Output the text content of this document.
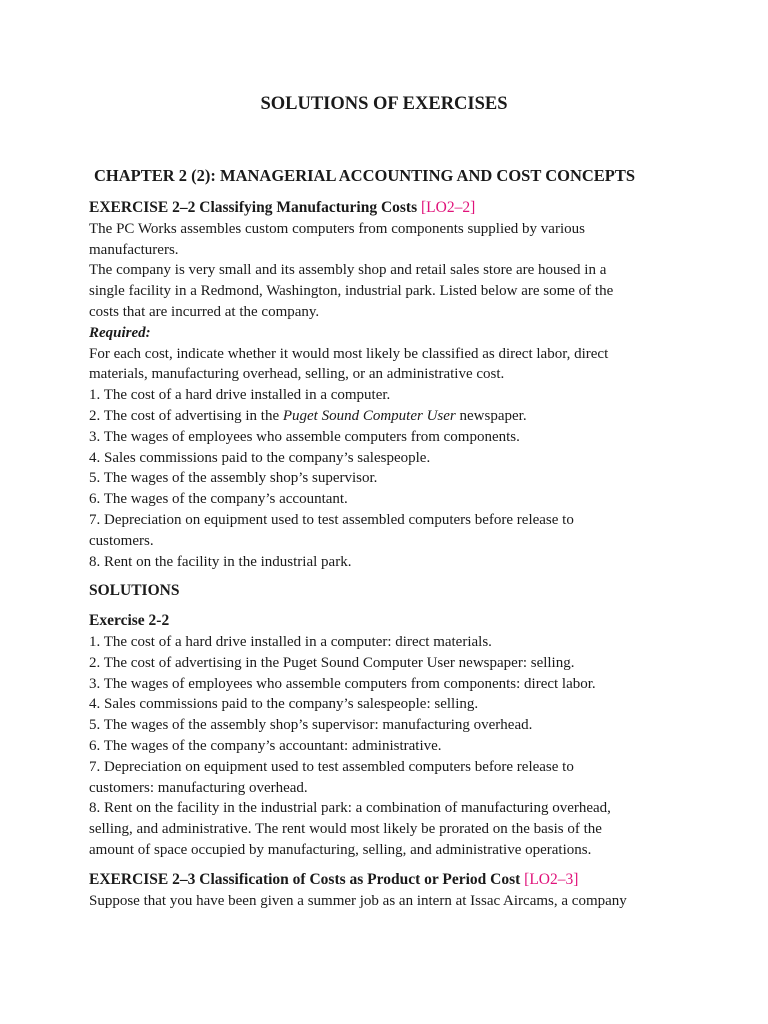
SOLUTIONS OF EXERCISES
CHAPTER 2 (2): MANAGERIAL ACCOUNTING AND COST CONCEPTS
EXERCISE 2–2 Classifying Manufacturing Costs [LO2–2]

The PC Works assembles custom computers from components supplied by various

manufacturers.

The company is very small and its assembly shop and retail sales store are housed in a

single facility in a Redmond, Washington, industrial park. Listed below are some of the

costs that are incurred at the company.

Required:

For each cost, indicate whether it would most likely be classified as direct labor, direct

materials, manufacturing overhead, selling, or an administrative cost.

1. The cost of a hard drive installed in a computer.

2. The cost of advertising in the Puget Sound Computer User newspaper.

3. The wages of employees who assemble computers from components.

4. Sales commissions paid to the company’s salespeople.

5. The wages of the assembly shop’s supervisor.

6. The wages of the company’s accountant.

7. Depreciation on equipment used to test assembled computers before release to

customers.

8. Rent on the facility in the industrial park.

SOLUTIONS

Exercise 2-2

1. The cost of a hard drive installed in a computer: direct materials.

2. The cost of advertising in the Puget Sound Computer User newspaper: selling.

3. The wages of employees who assemble computers from components: direct labor.

4. Sales commissions paid to the company’s salespeople: selling.

5. The wages of the assembly shop’s supervisor: manufacturing overhead.

6. The wages of the company’s accountant: administrative.

7. Depreciation on equipment used to test assembled computers before release to

customers: manufacturing overhead.

8. Rent on the facility in the industrial park: a combination of manufacturing overhead,

selling, and administrative. The rent would most likely be prorated on the basis of the

amount of space occupied by manufacturing, selling, and administrative operations.

EXERCISE 2–3 Classification of Costs as Product or Period Cost [LO2–3]

Suppose that you have been given a summer job as an intern at Issac Aircams, a company
